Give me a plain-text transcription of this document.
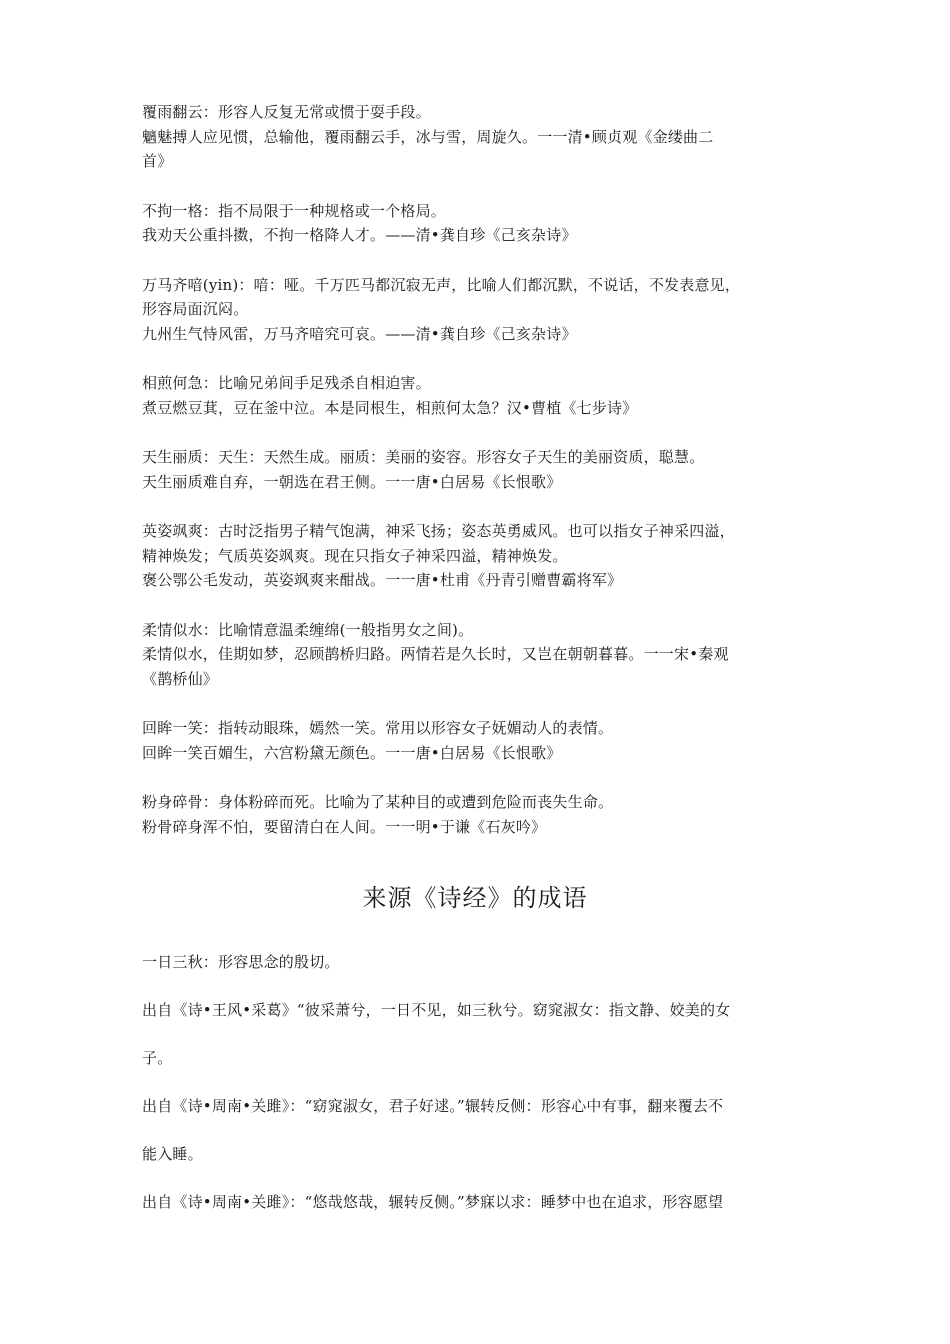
覆雨翻云：形容人反复无常或惯于耍手段。
魑魅搏人应见惯，总输他，覆雨翻云手，冰与雪，周旋久。一一清•顾贞观《金缕曲二
首》
不拘一格：指不局限于一种规格或一个格局。
我劝天公重抖擞，不拘一格降人才。——清•龚自珍《己亥杂诗》
万马齐喑(yin)：喑：哑。千万匹马都沉寂无声，比喻人们都沉默，不说话，不发表意见，
形容局面沉闷。
九州生气恃风雷，万马齐喑究可哀。——清•龚自珍《己亥杂诗》
相煎何急：比喻兄弟间手足残杀自相迫害。
煮豆燃豆萁，豆在釜中泣。本是同根生，相煎何太急？汉•曹植《七步诗》
天生丽质：天生：天然生成。丽质：美丽的姿容。形容女子天生的美丽资质，聪慧。
天生丽质难自弃，一朝选在君王侧。一一唐•白居易《长恨歌》
英姿飒爽：古时泛指男子精气饱满，神采飞扬；姿态英勇威风。也可以指女子神采四溢，
精神焕发；气质英姿飒爽。现在只指女子神采四溢，精神焕发。
褒公鄂公毛发动，英姿飒爽来酣战。一一唐•杜甫《丹青引赠曹霸将军》
柔情似水：比喻情意温柔缠绵(一般指男女之间)。
柔情似水，佳期如梦，忍顾鹊桥归路。两情若是久长时，又岂在朝朝暮暮。一一宋•秦观
《鹊桥仙》
回眸一笑：指转动眼珠，嫣然一笑。常用以形容女子妩媚动人的表情。
回眸一笑百媚生，六宫粉黛无颜色。一一唐•白居易《长恨歌》
粉身碎骨：身体粉碎而死。比喻为了某种目的或遭到危险而丧失生命。
粉骨碎身浑不怕，要留清白在人间。一一明•于谦《石灰吟》
来源《诗经》的成语
一日三秋：形容思念的殷切。
出自《诗•王风•采葛》“彼采萧兮，一日不见，如三秋兮。窈窕淑女：指文静、姣美的女
子。
出自《诗•周南•关雎》：“窈窕淑女，君子好逑。”辗转反侧：形容心中有事，翻来覆去不
能入睡。
出自《诗•周南•关雎》：“悠哉悠哉，辗转反侧。”梦寐以求：睡梦中也在追求，形容愿望
